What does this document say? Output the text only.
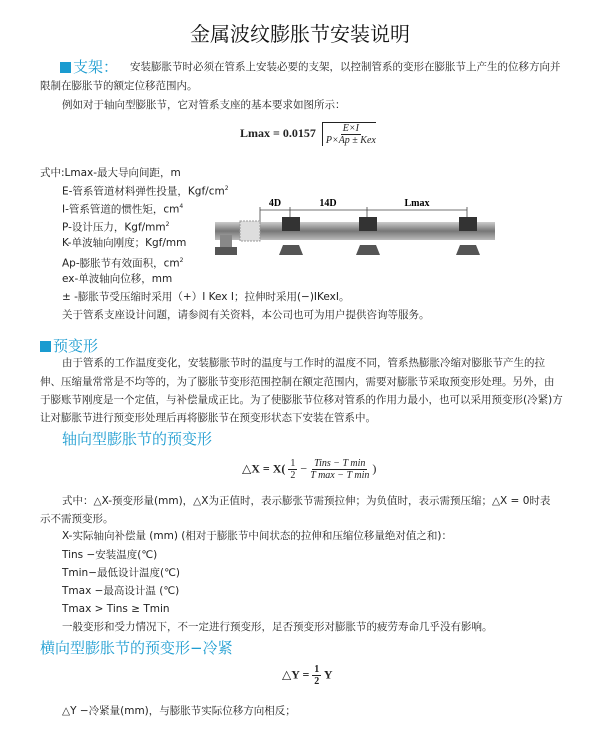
金属波纹膨胀节安装说明
支架： 安装膨胀节时必须在管系上安装必要的支架，以控制管系的变形在膨胀节上产生的位移方向并
限制在膨胀节的额定位移范围内。
例如对于轴向型膨胀节，它对管系支座的基本要求如图所示：
$Lmax = 0.0157 \frac{E\times I}{\text{P×Ap ± Kex}}$
式中:Lmax-最大导向间距，m
E-管系管道材料弹性投量，Kgf/$cm^2$
I-管系管道的惯性矩，$cm^4$
P-设计压力，Kgf/$mm^2$
K-单波轴向刚度；Kgf/mm
Ap-膨胀节有效面积，$cm^2$
ex-单波轴向位移，mm
± -膨胀节受压缩时采用（+）I Kex I；拉伸时采用(−)IKexI。
关于管系支座设计问题，请参阅有关资料，本公司也可为用户提供咨询等服务。
4D	14D	Lmax
预变形
由于管系的工作温度变化，安装膨胀节时的温度与工作时的温度不同，管系热膨胀冷缩对膨胀节产生的拉
伸、压缩量常常是不均等的，为了膨胀节变形范围控制在额定范围内，需要对膨胀节采取预变形处理。另外，由
于膨账节刚度是一个定值，与补偿量成正比。为了使膨胀节位移对管系的作用力最小，也可以采用预变形(冷紧)方
让对膨胀节进行预变形处理后再将膨胀节在预变形状态下安装在管系中。
轴向型膨胀节的预变形
△X = $X( \frac{1}{2} - \frac{\text{Tins − T min}}{\text{T max − T min}}$ )
式中：△X-预变形量(mm)，△X为正值时，表示膨张节需预拉伸；为负值时，表示需预压缩；△X = 0时表
示不需预变形。
X-实际轴向补偿量 (mm) (相对于膨胀节中间状态的拉伸和压缩位移量绝对值之和)：
Tins −安装温度(℃)
Tmin−最低设计温度(℃)
Tmax −最高设计温 (℃)
Tmax > Tins ≥ Tmin
一般变形和受力情况下，不一定进行预变形，足否预变形对膨胀节的疲劳寿命几乎没有影响。
横向型膨胀节的预变形−冷紧
△Y = $\frac{1}{2}$ Y
△Y −冷紧量(mm)，与膨胀节实际位移方向相反；
